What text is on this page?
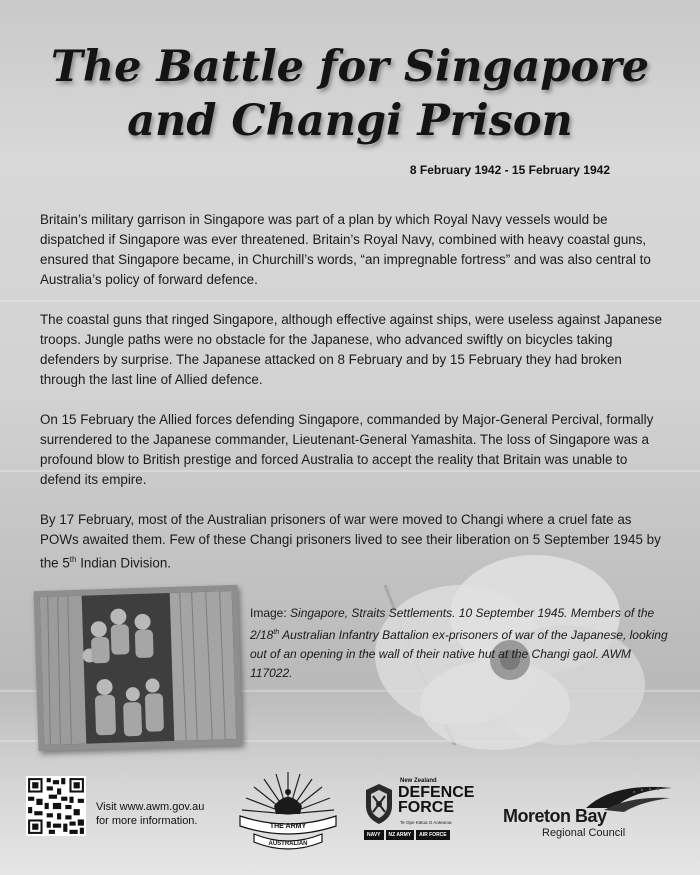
The Battle for Singapore
and Changi Prison
8 February 1942 - 15 February 1942

Britain’s military garrison in Singapore was part of a plan by which Royal Navy vessels would be dispatched if Singapore was ever threatened. Britain’s Royal Navy, combined with heavy coastal guns, ensured that Singapore became, in Churchill’s words, “an impregnable fortress” and was also central to Australia’s policy of forward defence.

The coastal guns that ringed Singapore, although effective against ships, were useless against Japanese troops. Jungle paths were no obstacle for the Japanese, who advanced swiftly on bicycles taking defenders by surprise. The Japanese attacked on 8 February and by 15 February they had broken through the last line of Allied defence.

On 15 February the Allied forces defending Singapore, commanded by Major-General Percival, formally surrendered to the Japanese commander, Lieutenant-General Yamashita. The loss of Singapore was a profound blow to British prestige and forced Australia to accept the reality that Britain was unable to defend its empire.

By 17 February, most of the Australian prisoners of war were moved to Changi where a cruel fate as POWs awaited them. Few of these Changi prisoners lived to see their liberation on 5 September 1945 by the 5th Indian Division.

Image: Singapore, Straits Settlements. 10 September 1945. Members of the 2/18th Australian Infantry Battalion ex-prisoners of war of the Japanese, looking out of an opening in the wall of their native hut at the Changi gaol. AWM 117022.
Visit www.awm.gov.au
for more information.	THE ARMY
AUSTRALIAN
New Zealand
DEFENCE
FORCE
Te Ope Kātua O Aotearoa
NAVY	NZ ARMY	AIR FORCE
Moreton Bay
Regional Council
